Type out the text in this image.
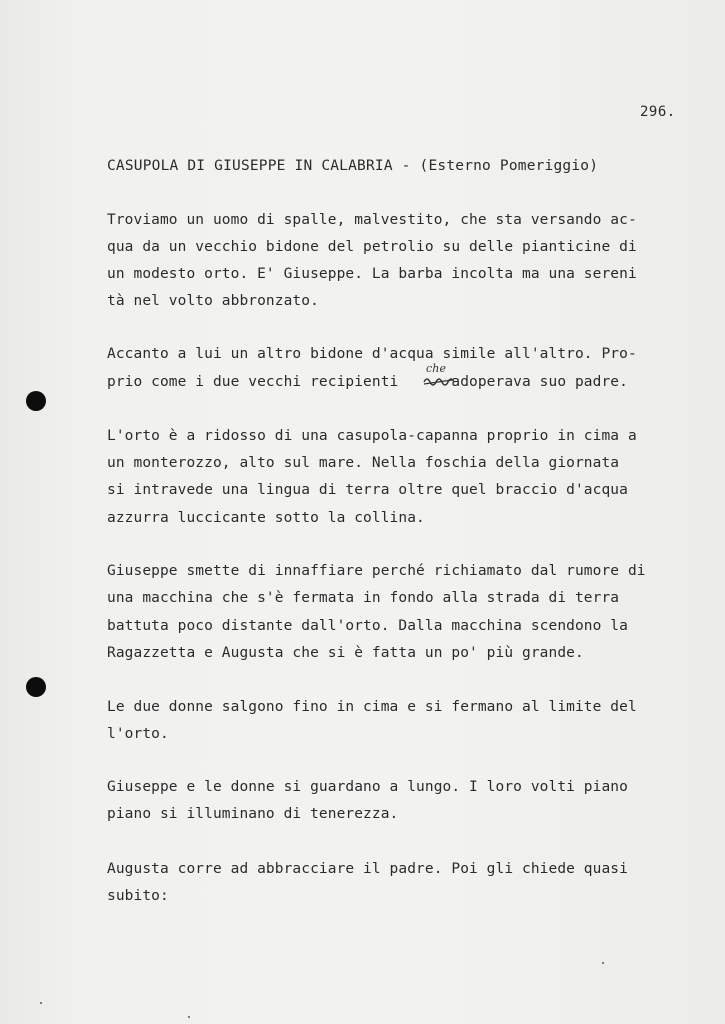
296.
CASUPOLA DI GIUSEPPE IN CALABRIA - (Esterno Pomeriggio)
Troviamo un uomo di spalle, malvestito, che sta versando ac-
qua da un vecchio bidone del petrolio su delle pianticine di
un modesto orto. E' Giuseppe. La barba incolta ma una sereni
tà nel volto abbronzato.
Accanto a lui un altro bidone d'acqua simile all'altro. Pro-
prio come i due vecchi recipienti      adoperava suo padre.
che
L'orto è a ridosso di una casupola-capanna proprio in cima a
un monterozzo, alto sul mare. Nella foschia della giornata
si intravede una lingua di terra oltre quel braccio d'acqua
azzurra luccicante sotto la collina.
Giuseppe smette di innaffiare perché richiamato dal rumore di
una macchina che s'è fermata in fondo alla strada di terra
battuta poco distante dall'orto. Dalla macchina scendono la
Ragazzetta e Augusta che si è fatta un po' più grande.
Le due donne salgono fino in cima e si fermano al limite del
l'orto.
Giuseppe e le donne si guardano a lungo. I loro volti piano
piano si illuminano di tenerezza.
Augusta corre ad abbracciare il padre. Poi gli chiede quasi
subito:
